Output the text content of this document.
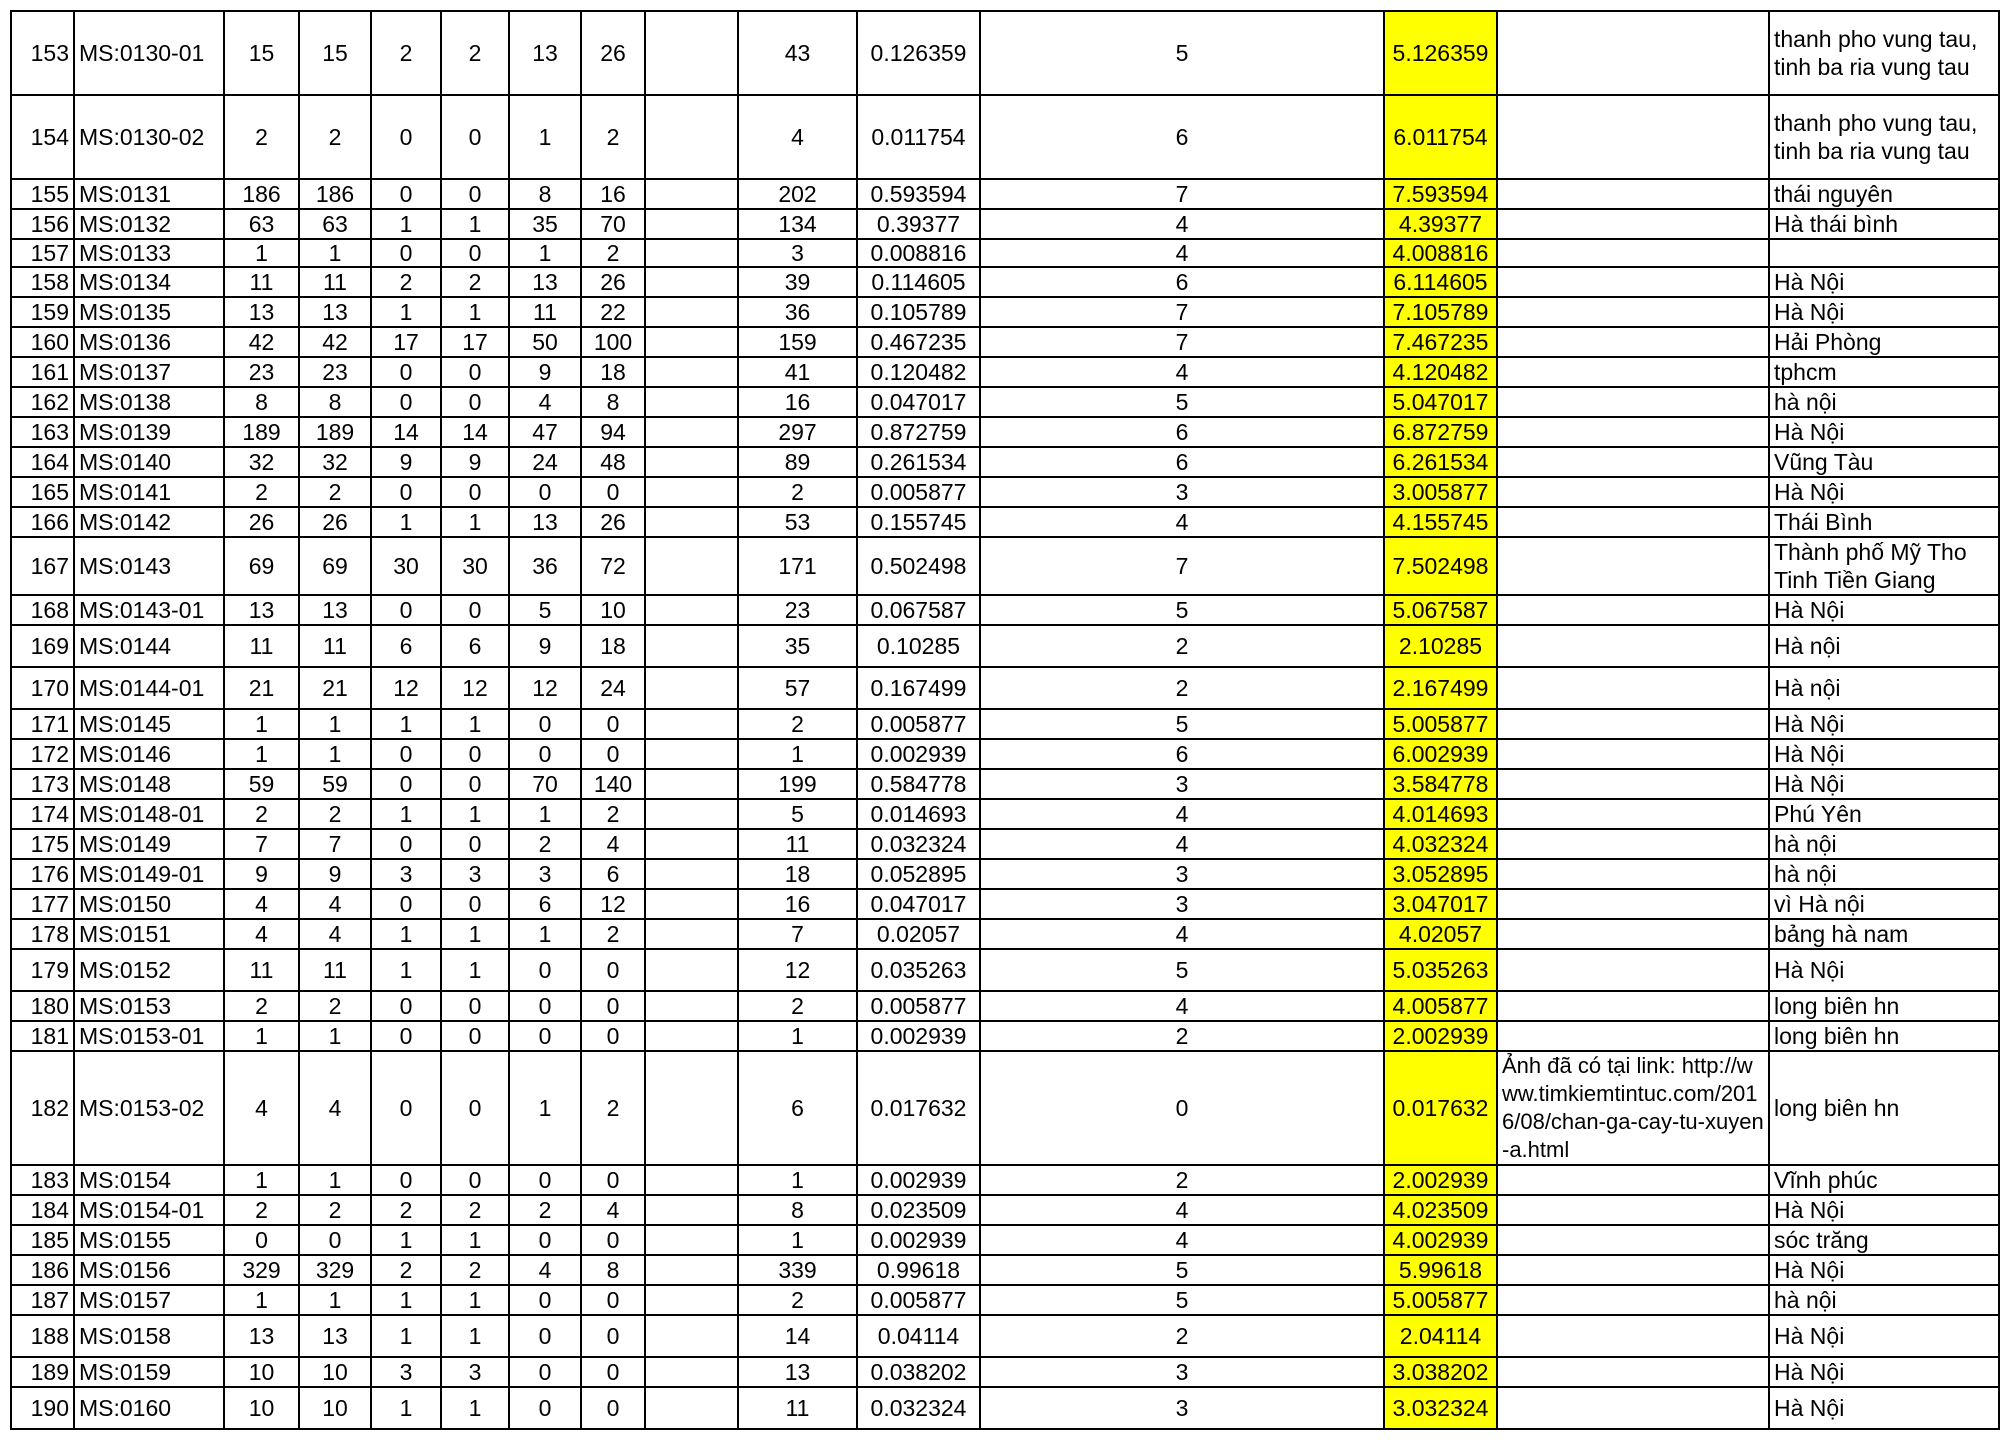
153	MS:0130-01	15	15	2	2	13	26		43	0.126359	5	5.126359		thanh pho vung tau, tinh ba ria vung tau
154	MS:0130-02	2	2	0	0	1	2		4	0.011754	6	6.011754		thanh pho vung tau, tinh ba ria vung tau
155	MS:0131	186	186	0	0	8	16		202	0.593594	7	7.593594		thái nguyên
156	MS:0132	63	63	1	1	35	70		134	0.39377	4	4.39377		Hà thái bình
157	MS:0133	1	1	0	0	1	2		3	0.008816	4	4.008816		
158	MS:0134	11	11	2	2	13	26		39	0.114605	6	6.114605		Hà Nội
159	MS:0135	13	13	1	1	11	22		36	0.105789	7	7.105789		Hà Nội
160	MS:0136	42	42	17	17	50	100		159	0.467235	7	7.467235		Hải Phòng
161	MS:0137	23	23	0	0	9	18		41	0.120482	4	4.120482		tphcm
162	MS:0138	8	8	0	0	4	8		16	0.047017	5	5.047017		hà nội
163	MS:0139	189	189	14	14	47	94		297	0.872759	6	6.872759		Hà Nội
164	MS:0140	32	32	9	9	24	48		89	0.261534	6	6.261534		Vũng Tàu
165	MS:0141	2	2	0	0	0	0		2	0.005877	3	3.005877		Hà Nội
166	MS:0142	26	26	1	1	13	26		53	0.155745	4	4.155745		Thái Bình
167	MS:0143	69	69	30	30	36	72		171	0.502498	7	7.502498		Thành phố Mỹ Tho Tinh Tiền Giang
168	MS:0143-01	13	13	0	0	5	10		23	0.067587	5	5.067587		Hà Nội
169	MS:0144	11	11	6	6	9	18		35	0.10285	2	2.10285		Hà nội
170	MS:0144-01	21	21	12	12	12	24		57	0.167499	2	2.167499		Hà nội
171	MS:0145	1	1	1	1	0	0		2	0.005877	5	5.005877		Hà Nội
172	MS:0146	1	1	0	0	0	0		1	0.002939	6	6.002939		Hà Nội
173	MS:0148	59	59	0	0	70	140		199	0.584778	3	3.584778		Hà Nội
174	MS:0148-01	2	2	1	1	1	2		5	0.014693	4	4.014693		Phú Yên
175	MS:0149	7	7	0	0	2	4		11	0.032324	4	4.032324		hà nội
176	MS:0149-01	9	9	3	3	3	6		18	0.052895	3	3.052895		hà nội
177	MS:0150	4	4	0	0	6	12		16	0.047017	3	3.047017		vì Hà nội
178	MS:0151	4	4	1	1	1	2		7	0.02057	4	4.02057		bảng hà nam
179	MS:0152	11	11	1	1	0	0		12	0.035263	5	5.035263		Hà Nội
180	MS:0153	2	2	0	0	0	0		2	0.005877	4	4.005877		long biên hn
181	MS:0153-01	1	1	0	0	0	0		1	0.002939	2	2.002939		long biên hn
182	MS:0153-02	4	4	0	0	1	2		6	0.017632	0	0.017632	Ảnh đã có tại link: http://www.timkiemtintuc.com/2016/08/chan-ga-cay-tu-xuyen-a.html	long biên hn
183	MS:0154	1	1	0	0	0	0		1	0.002939	2	2.002939		Vĩnh phúc
184	MS:0154-01	2	2	2	2	2	4		8	0.023509	4	4.023509		Hà Nội
185	MS:0155	0	0	1	1	0	0		1	0.002939	4	4.002939		sóc trăng
186	MS:0156	329	329	2	2	4	8		339	0.99618	5	5.99618		Hà Nội
187	MS:0157	1	1	1	1	0	0		2	0.005877	5	5.005877		hà nội
188	MS:0158	13	13	1	1	0	0		14	0.04114	2	2.04114		Hà Nội
189	MS:0159	10	10	3	3	0	0		13	0.038202	3	3.038202		Hà Nội
190	MS:0160	10	10	1	1	0	0		11	0.032324	3	3.032324		Hà Nội
